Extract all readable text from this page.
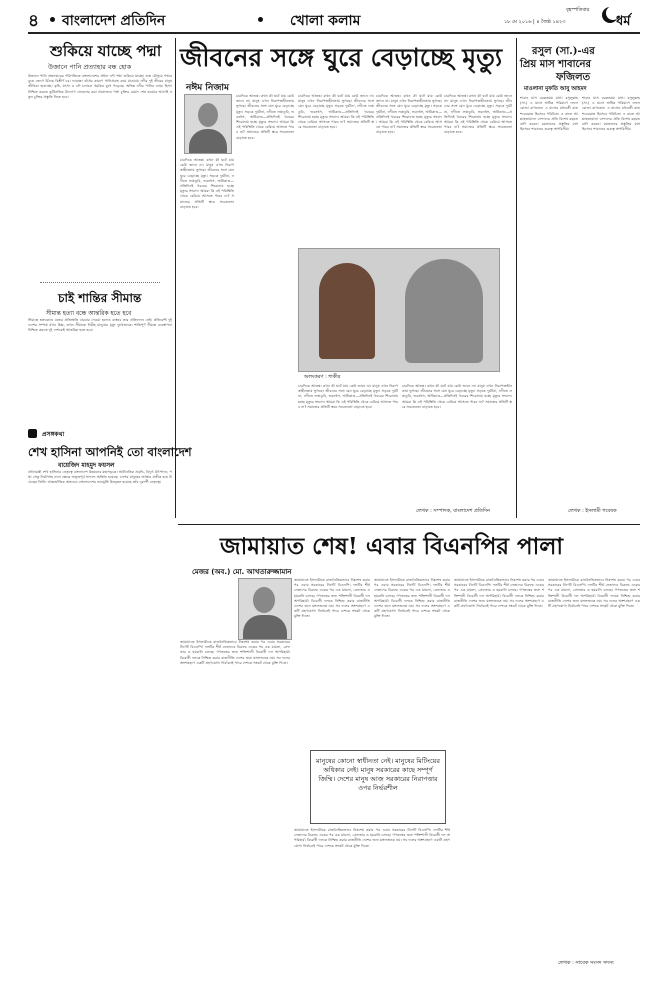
৪ বাংলাদেশ প্রতিদিন	খোলা কলাম
বৃহস্পতিবার
১৮ মে ২০১৬ | ৪ জৈষ্ঠ ১৪২৩	ধর্ম
শুকিয়ে যাচ্ছে পদ্মা
উজানে পানি প্রত্যাহার বন্ধ হোক
উজানে পানি প্রত্যাহারের পরিণতিতে বাংলাদেশের প্রধান নদী পদ্মা শুকিয়ে যাচ্ছে। শুষ্ক মৌসুমে পদ্মার বুকে জেগে উঠছে বিস্তীর্ণ চর। ফারাক্কা বাঁধের কারণে পানিপ্রবাহ কমে যাওয়ায় নদীর দুই তীরের মানুষ জীবিকা হারাচ্ছে। কৃষি, মৎস্য ও নৌ চলাচল হুমকির মুখে পড়েছে। অভিন্ন নদীর পানির ন্যায্য হিস্যা নিশ্চিত করতে কূটনৈতিক উদ্যোগ জোরদার করা প্রয়োজন। গঙ্গা চুক্তির মেয়াদ শেষ হওয়ার আগেই নতুন চুক্তির প্রস্তুতি নিতে হবে।
চাই শান্তির সীমান্ত
সীমান্ত হত্যা বন্ধে আন্তরিক হতে হবে
সীমান্তে হত্যাকাণ্ড বন্ধের প্রতিশ্রুতি বারবার দেওয়া হলেও বাস্তবে তার প্রতিফলন নেই। প্রতিবেশী দুই দেশের সম্পর্ক যখন উষ্ণ, তখন সীমান্তে নিরীহ মানুষের মৃত্যু দুঃখজনক। শান্তিপূর্ণ সীমান্ত ব্যবস্থাপনা নিশ্চিত করতে দুই দেশকেই আন্তরিক হতে হবে।
প্রসঙ্গকথা
শেখ হাসিনা আপনিই তো বাংলাদেশ
বায়েজিদ মাহমুদ ফয়সল
প্রধানমন্ত্রী শেখ হাসিনার নেতৃত্বে বাংলাদেশ উন্নয়নের মহাসড়কে। অর্থনৈতিক প্রবৃদ্ধি, বিদ্যুৎ উৎপাদন, পদ্মা সেতু নির্মাণসহ নানা ক্ষেত্রে অভূতপূর্ব সাফল্য অর্জিত হয়েছে। দেশের মানুষের আস্থার প্রতীক হয়ে উঠেছেন তিনি। আন্তর্জাতিক অঙ্গনেও বাংলাদেশের ভাবমূর্তি উজ্জ্বল হয়েছে তাঁর দূরদর্শী নেতৃত্বে।
জীবনের সঙ্গে ঘুরে বেড়াচ্ছে মৃত্যু
নঈম নিজাম
চারদিকে আতঙ্ক। কখন কী ঘটে যায় কেউ জানে না। মানুষ এখন নিরাপত্তাহীনতায় ভুগছে। জীবনের সঙ্গে যেন ঘুরে বেড়াচ্ছে মৃত্যু। সড়কে দুর্ঘটনা, নদীতে লঞ্চডুবি, ভবনধস, অগ্নিকাণ্ড—প্রতিদিনই খবরের শিরোনাম হচ্ছে মৃত্যুর সংবাদ। আমরা কি এই পরিস্থিতি থেকে বেরিয়ে আসতে পারব না? সমাজের প্রতিটি স্তরে সচেতনতা বাড়াতে হবে।
চারদিকে আতঙ্ক। কখন কী ঘটে যায় কেউ জানে না। মানুষ এখন নিরাপত্তাহীনতায় ভুগছে। জীবনের সঙ্গে যেন ঘুরে বেড়াচ্ছে মৃত্যু। সড়কে দুর্ঘটনা, নদীতে লঞ্চডুবি, ভবনধস, অগ্নিকাণ্ড—প্রতিদিনই খবরের শিরোনাম হচ্ছে মৃত্যুর সংবাদ। আমরা কি এই পরিস্থিতি থেকে বেরিয়ে আসতে পারব না? সমাজের প্রতিটি স্তরে সচেতনতা বাড়াতে হবে।
অলংকরণ : শাকীর
চারদিকে আতঙ্ক। কখন কী ঘটে যায় কেউ জানে না। মানুষ এখন নিরাপত্তাহীনতায় ভুগছে। জীবনের সঙ্গে যেন ঘুরে বেড়াচ্ছে মৃত্যু। সড়কে দুর্ঘটনা, নদীতে লঞ্চডুবি, ভবনধস, অগ্নিকাণ্ড—প্রতিদিনই খবরের শিরোনাম হচ্ছে মৃত্যুর সংবাদ। আমরা কি এই পরিস্থিতি থেকে বেরিয়ে আসতে পারব না? সমাজের প্রতিটি স্তরে সচেতনতা বাড়াতে হবে।
চারদিকে আতঙ্ক। কখন কী ঘটে যায় কেউ জানে না। মানুষ এখন নিরাপত্তাহীনতায় ভুগছে। জীবনের সঙ্গে যেন ঘুরে বেড়াচ্ছে মৃত্যু। সড়কে দুর্ঘটনা, নদীতে লঞ্চডুবি, ভবনধস, অগ্নিকাণ্ড—প্রতিদিনই খবরের শিরোনাম হচ্ছে মৃত্যুর সংবাদ। আমরা কি এই পরিস্থিতি থেকে বেরিয়ে আসতে পারব না? সমাজের প্রতিটি স্তরে সচেতনতা বাড়াতে হবে।
চারদিকে আতঙ্ক। কখন কী ঘটে যায় কেউ জানে না। মানুষ এখন নিরাপত্তাহীনতায় ভুগছে। জীবনের সঙ্গে যেন ঘুরে বেড়াচ্ছে মৃত্যু। সড়কে দুর্ঘটনা, নদীতে লঞ্চডুবি, ভবনধস, অগ্নিকাণ্ড—প্রতিদিনই খবরের শিরোনাম হচ্ছে মৃত্যুর সংবাদ। আমরা কি এই পরিস্থিতি থেকে বেরিয়ে আসতে পারব না? সমাজের প্রতিটি স্তরে সচেতনতা বাড়াতে হবে।
চারদিকে আতঙ্ক। কখন কী ঘটে যায় কেউ জানে না। মানুষ এখন নিরাপত্তাহীনতায় ভুগছে। জীবনের সঙ্গে যেন ঘুরে বেড়াচ্ছে মৃত্যু। সড়কে দুর্ঘটনা, নদীতে লঞ্চডুবি, ভবনধস, অগ্নিকাণ্ড—প্রতিদিনই খবরের শিরোনাম হচ্ছে মৃত্যুর সংবাদ। আমরা কি এই পরিস্থিতি থেকে বেরিয়ে আসতে পারব না? সমাজের প্রতিটি স্তরে সচেতনতা বাড়াতে হবে।
চারদিকে আতঙ্ক। কখন কী ঘটে যায় কেউ জানে না। মানুষ এখন নিরাপত্তাহীনতায় ভুগছে। জীবনের সঙ্গে যেন ঘুরে বেড়াচ্ছে মৃত্যু। সড়কে দুর্ঘটনা, নদীতে লঞ্চডুবি, ভবনধস, অগ্নিকাণ্ড—প্রতিদিনই খবরের শিরোনাম হচ্ছে মৃত্যুর সংবাদ। আমরা কি এই পরিস্থিতি থেকে বেরিয়ে আসতে পারব না? সমাজের প্রতিটি স্তরে সচেতনতা বাড়াতে হবে।
লেখক : সম্পাদক, বাংলাদেশ প্রতিদিন
রসুল (সা.)-এর
প্রিয় মাস শাবানের
ফজিলত
মাওলানা মুফতি আবু আহমদ
শাবান মাস বরকতময় মাস। রসুলুল্লাহ (সা.) এ মাসে অধিক পরিমাণে নফল রোজা রাখতেন। এ মাসের মধ্যবর্তী রাত শবেবরাত হিসেবে পরিচিত। এ রাতে আল্লাহতায়ালা বান্দাদের প্রতি বিশেষ রহমত বর্ষণ করেন। রমজানের প্রস্তুতির মাস হিসেবে শাবানের গুরুত্ব অপরিসীম।
শাবান মাস বরকতময় মাস। রসুলুল্লাহ (সা.) এ মাসে অধিক পরিমাণে নফল রোজা রাখতেন। এ মাসের মধ্যবর্তী রাত শবেবরাত হিসেবে পরিচিত। এ রাতে আল্লাহতায়ালা বান্দাদের প্রতি বিশেষ রহমত বর্ষণ করেন। রমজানের প্রস্তুতির মাস হিসেবে শাবানের গুরুত্ব অপরিসীম।
লেখক : ইসলামী গবেষক
জামায়াত শেষ! এবার বিএনপির পালা
মেজর (অব.) মো. আখতারুজ্জামান
জামায়াতে ইসলামীকে রাজনৈতিকভাবে নিঃশেষ করার পর এবার সরকারের টার্গেট বিএনপি। দলটির শীর্ষ নেতাদের বিরুদ্ধে একের পর এক মামলা, গ্রেফতার ও হয়রানি চলছে। গণতন্ত্রের জন্য শক্তিশালী বিরোধী দল অপরিহার্য। বিরোধী দলকে নিশ্চিহ্ন করার রাজনীতি দেশের জন্য মঙ্গলজনক নয়। সব দলের অংশগ্রহণে একটি গ্রহণযোগ্য নির্বাচনই পারে দেশকে সংকট থেকে মুক্তি দিতে।
জামায়াতে ইসলামীকে রাজনৈতিকভাবে নিঃশেষ করার পর এবার সরকারের টার্গেট বিএনপি। দলটির শীর্ষ নেতাদের বিরুদ্ধে একের পর এক মামলা, গ্রেফতার ও হয়রানি চলছে। গণতন্ত্রের জন্য শক্তিশালী বিরোধী দল অপরিহার্য। বিরোধী দলকে নিশ্চিহ্ন করার রাজনীতি দেশের জন্য মঙ্গলজনক নয়। সব দলের অংশগ্রহণে একটি গ্রহণযোগ্য নির্বাচনই পারে দেশকে সংকট থেকে মুক্তি দিতে।
জামায়াতে ইসলামীকে রাজনৈতিকভাবে নিঃশেষ করার পর এবার সরকারের টার্গেট বিএনপি। দলটির শীর্ষ নেতাদের বিরুদ্ধে একের পর এক মামলা, গ্রেফতার ও হয়রানি চলছে। গণতন্ত্রের জন্য শক্তিশালী বিরোধী দল অপরিহার্য। বিরোধী দলকে নিশ্চিহ্ন করার রাজনীতি দেশের জন্য মঙ্গলজনক নয়। সব দলের অংশগ্রহণে একটি গ্রহণযোগ্য নির্বাচনই পারে দেশকে সংকট থেকে মুক্তি দিতে।
জামায়াতে ইসলামীকে রাজনৈতিকভাবে নিঃশেষ করার পর এবার সরকারের টার্গেট বিএনপি। দলটির শীর্ষ নেতাদের বিরুদ্ধে একের পর এক মামলা, গ্রেফতার ও হয়রানি চলছে। গণতন্ত্রের জন্য শক্তিশালী বিরোধী দল অপরিহার্য। বিরোধী দলকে নিশ্চিহ্ন করার রাজনীতি দেশের জন্য মঙ্গলজনক নয়। সব দলের অংশগ্রহণে একটি গ্রহণযোগ্য নির্বাচনই পারে দেশকে সংকট থেকে মুক্তি দিতে।
জামায়াতে ইসলামীকে রাজনৈতিকভাবে নিঃশেষ করার পর এবার সরকারের টার্গেট বিএনপি। দলটির শীর্ষ নেতাদের বিরুদ্ধে একের পর এক মামলা, গ্রেফতার ও হয়রানি চলছে। গণতন্ত্রের জন্য শক্তিশালী বিরোধী দল অপরিহার্য। বিরোধী দলকে নিশ্চিহ্ন করার রাজনীতি দেশের জন্য মঙ্গলজনক নয়। সব দলের অংশগ্রহণে একটি গ্রহণযোগ্য নির্বাচনই পারে দেশকে সংকট থেকে মুক্তি দিতে।
মানুষের কোনো স্বাধীনতা নেই। মানুষের মিটিংয়ের অধিকার নেই। মানুষ সরকারের কাছে সম্পূর্ণ জিম্মি। দেশের মানুষ আজ সরকারের নিরাপত্তার ওপর নির্ভরশীল
জামায়াতে ইসলামীকে রাজনৈতিকভাবে নিঃশেষ করার পর এবার সরকারের টার্গেট বিএনপি। দলটির শীর্ষ নেতাদের বিরুদ্ধে একের পর এক মামলা, গ্রেফতার ও হয়রানি চলছে। গণতন্ত্রের জন্য শক্তিশালী বিরোধী দল অপরিহার্য। বিরোধী দলকে নিশ্চিহ্ন করার রাজনীতি দেশের জন্য মঙ্গলজনক নয়। সব দলের অংশগ্রহণে একটি গ্রহণযোগ্য নির্বাচনই পারে দেশকে সংকট থেকে মুক্তি দিতে।
লেখক : সাবেক সংসদ সদস্য
